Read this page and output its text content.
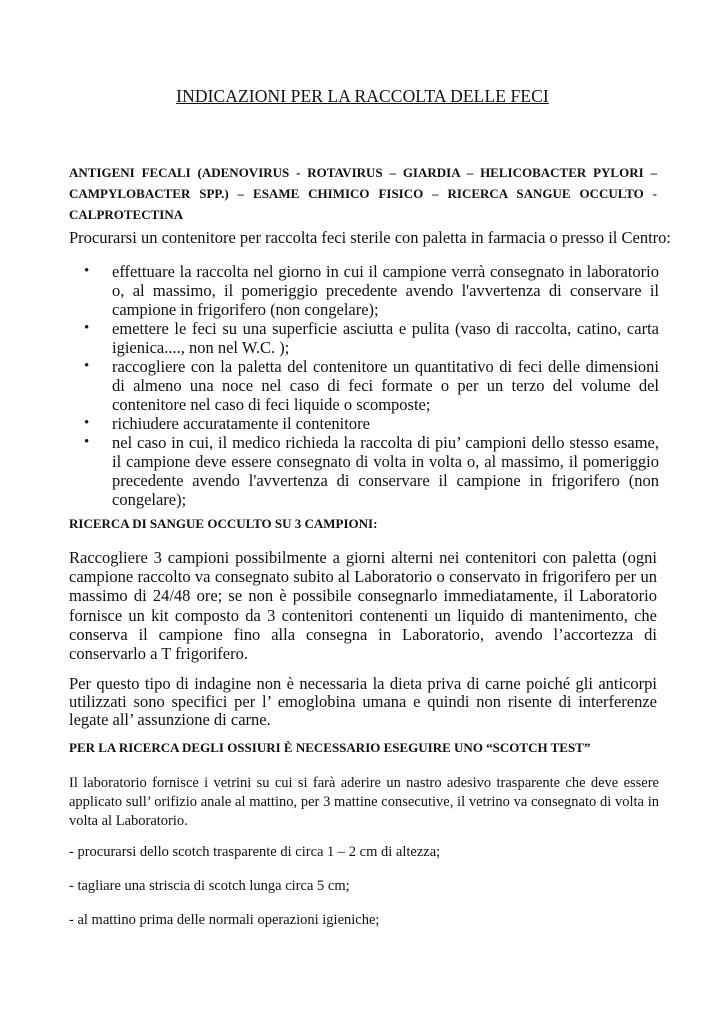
INDICAZIONI PER LA RACCOLTA DELLE FECI
ANTIGENI FECALI (ADENOVIRUS - ROTAVIRUS – GIARDIA – HELICOBACTER PYLORI – CAMPYLOBACTER SPP.) – ESAME CHIMICO FISICO – RICERCA SANGUE OCCULTO - CALPROTECTINA
Procurarsi un contenitore per raccolta feci sterile con paletta in farmacia o presso il Centro:
• effettuare la raccolta nel giorno in cui il campione verrà consegnato in laboratorio o, al massimo, il pomeriggio precedente avendo l'avvertenza di conservare il campione in frigorifero (non congelare);
• emettere le feci su una superficie asciutta e pulita (vaso di raccolta, catino, carta igienica...., non nel W.C. );
• raccogliere con la paletta del contenitore un quantitativo di feci delle dimensioni di almeno una noce nel caso di feci formate o per un terzo del volume del contenitore nel caso di feci liquide o scomposte;
• richiudere accuratamente il contenitore
• nel caso in cui, il medico richieda la raccolta di piu’ campioni dello stesso esame, il campione deve essere consegnato di volta in volta o, al massimo, il pomeriggio precedente avendo l'avvertenza di conservare il campione in frigorifero (non congelare);
RICERCA DI SANGUE OCCULTO SU 3 CAMPIONI:
Raccogliere 3 campioni possibilmente a giorni alterni nei contenitori con paletta (ogni campione raccolto va consegnato subito al Laboratorio o conservato in frigorifero per un massimo di 24/48 ore; se non è possibile consegnarlo immediatamente, il Laboratorio fornisce un kit composto da 3 contenitori contenenti un liquido di mantenimento, che conserva il campione fino alla consegna in Laboratorio, avendo l’accortezza di conservarlo a T frigorifero.
Per questo tipo di indagine non è necessaria la dieta priva di carne poiché gli anticorpi utilizzati sono specifici per l’ emoglobina umana e quindi non risente di interferenze legate all’ assunzione di carne.
PER LA RICERCA DEGLI OSSIURI È NECESSARIO ESEGUIRE UNO “SCOTCH TEST”
Il laboratorio fornisce i vetrini su cui si farà aderire un nastro adesivo trasparente che deve essere applicato sull’ orifizio anale al mattino, per 3 mattine consecutive, il vetrino va consegnato di volta in volta al Laboratorio.
- procurarsi dello scotch trasparente di circa 1 – 2 cm di altezza;
- tagliare una striscia di scotch lunga circa 5 cm;
- al mattino prima delle normali operazioni igieniche;
